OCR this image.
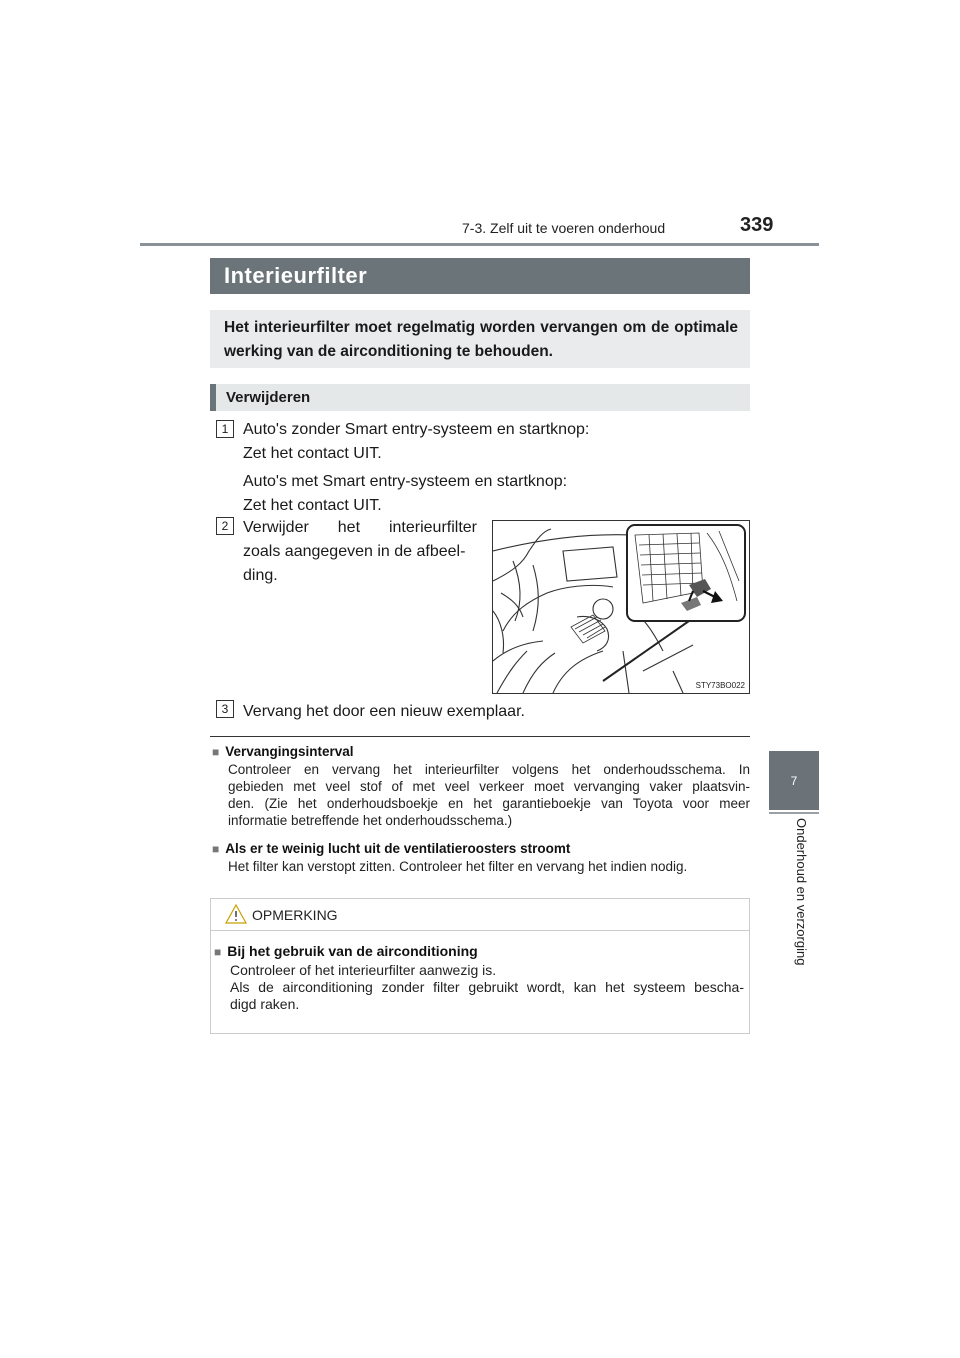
7-3. Zelf uit te voeren onderhoud	339
7
Onderhoud en verzorging
Interieurfilter
Het interieurfilter moet regelmatig worden vervangen om de optimale werking van de airconditioning te behouden.
Verwijderen
1 Auto's zonder Smart entry-systeem en startknop:
Zet het contact UIT.
Auto's met Smart entry-systeem en startknop:
Zet het contact UIT.
2 Verwijder het interieurfilter
zoals aangegeven in de afbeel-
ding.
STY73BO022
3 Vervang het door een nieuw exemplaar.
■ Vervangingsinterval
Controleer en vervang het interieurfilter volgens het onderhoudsschema. In
gebieden met veel stof of met veel verkeer moet vervanging vaker plaatsvin-
den. (Zie het onderhoudsboekje en het garantieboekje van Toyota voor meer
informatie betreffende het onderhoudsschema.)
■ Als er te weinig lucht uit de ventilatieroosters stroomt
Het filter kan verstopt zitten. Controleer het filter en vervang het indien nodig.
OPMERKING
■ Bij het gebruik van de airconditioning
Controleer of het interieurfilter aanwezig is.
Als de airconditioning zonder filter gebruikt wordt, kan het systeem bescha-
digd raken.
